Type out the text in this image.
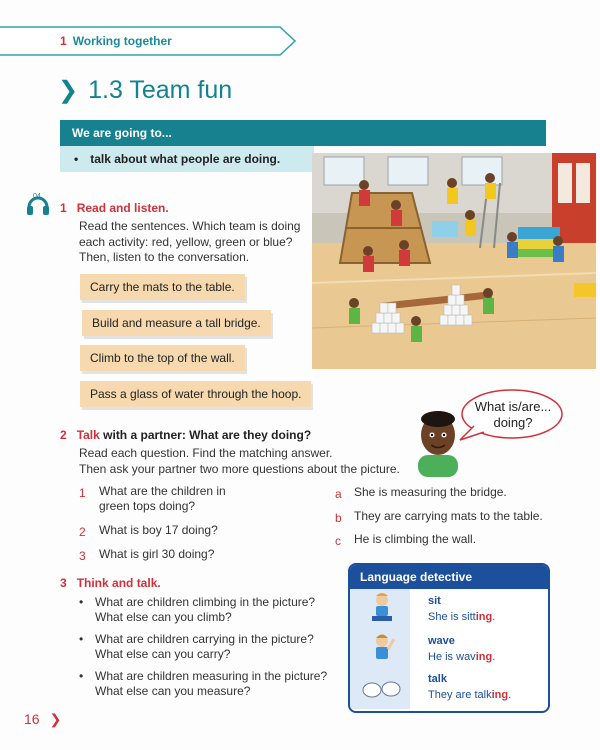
1 Working together
❯ 1.3 Team fun
We are going to...
• talk about what people are doing.
04
1 Read and listen.
Read the sentences. Which team is doing
each activity: red, yellow, green or blue?
Then, listen to the conversation.
Carry the mats to the table.
Build and measure a tall bridge.
Climb to the top of the wall.
Pass a glass of water through the hoop.
What is/are...
doing?
2 Talk with a partner: What are they doing?
Read each question. Find the matching answer.
Then ask your partner two more questions about the picture.
1 What are the children in
green tops doing?
2 What is boy 17 doing?
3 What is girl 30 doing?
a She is measuring the bridge.
b They are carrying mats to the table.
c He is climbing the wall.
3 Think and talk.
• What are children climbing in the picture?
What else can you climb?
• What are children carrying in the picture?
What else can you carry?
• What are children measuring in the picture?
What else can you measure?
Language detective
sit
She is sitting.
wave
He is waving.
talk
They are talking.
16 ❯
